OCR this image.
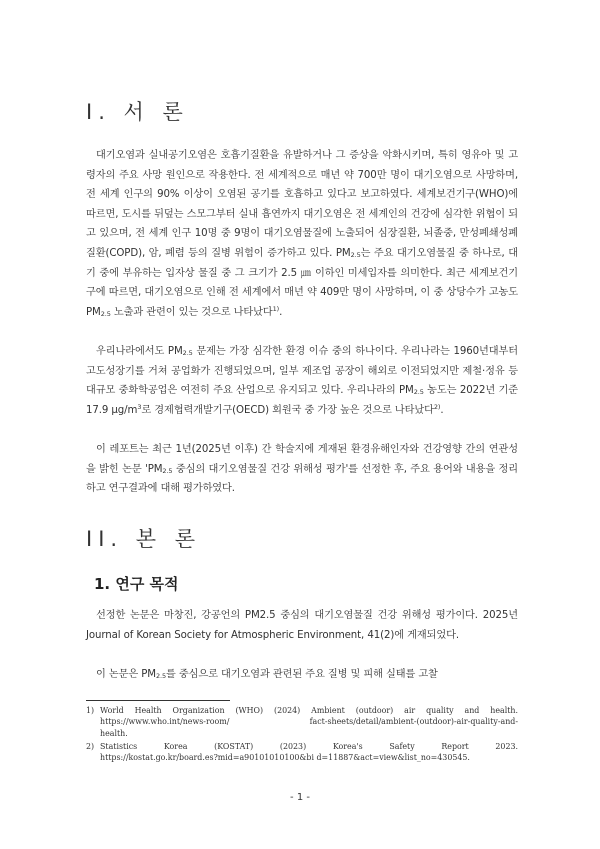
I. 서 론

대기오염과 실내공기오염은 호흡기질환을 유발하거나 그 증상을 악화시키며, 특히 영유아 및 고령자의 주요 사망 원인으로 작용한다. 전 세계적으로 매년 약 700만 명이 대기오염으로 사망하며, 전 세계 인구의 90% 이상이 오염된 공기를 호흡하고 있다고 보고하였다. 세계보건기구(WHO)에 따르면, 도시를 뒤덮는 스모그부터 실내 흡연까지 대기오염은 전 세계인의 건강에 심각한 위협이 되고 있으며, 전 세계 인구 10명 중 9명이 대기오염물질에 노출되어 심장질환, 뇌졸중, 만성폐쇄성폐질환(COPD), 암, 폐렴 등의 질병 위험이 증가하고 있다. $PM_{2.5}$는 주요 대기오염물질 중 하나로, 대기 중에 부유하는 입자상 물질 중 그 크기가 2.5 ㎛ 이하인 미세입자를 의미한다. 최근 세계보건기구에 따르면, 대기오염으로 인해 전 세계에서 매년 약 409만 명이 사망하며, 이 중 상당수가 고농도 $PM_{2.5}$ 노출과 관련이 있는 것으로 나타났다$^{1)}$.

우리나라에서도 $PM_{2.5}$ 문제는 가장 심각한 환경 이슈 중의 하나이다. 우리나라는 1960년대부터 고도성장기를 거쳐 공업화가 진행되었으며, 일부 제조업 공장이 해외로 이전되었지만 제철·정유 등 대규모 중화학공업은 여전히 주요 산업으로 유지되고 있다. 우리나라의 $PM_{2.5}$ 농도는 2022년 기준 17.9 $\mu g/m^3$로 경제협력개발기구(OECD) 회원국 중 가장 높은 것으로 나타났다$^{2)}$.

이 레포트는 최근 1년(2025년 이후) 간 학술지에 게재된 환경유해인자와 건강영향 간의 연관성을 밝힌 논문 '$PM_{2.5}$ 중심의 대기오염물질 건강 위해성 평가'를 선정한 후, 주요 용어와 내용을 정리하고 연구결과에 대해 평가하였다.

II. 본 론
1. 연구 목적

선정한 논문은 마창진, 강공언의 PM2.5 중심의 대기오염물질 건강 위해성 평가이다. 2025년 Journal of Korean Society for Atmospheric Environment, 41(2)에 게재되었다.

이 논문은 $PM_{2.5}$를 중심으로 대기오염과 관련된 주요 질병 및 피해 실태를 고찰

1) World Health Organization (WHO) (2024) Ambient (outdoor) air quality and health.
https://www.who.int/news-room/ fact-sheets/detail/ambient-(outdoor)-air-quality-and-
health.
2) Statistics Korea (KOSTAT) (2023) Korea's Safety Report 2023.
https://kostat.go.kr/board.es?mid=a90101010100&bi d=11887&act=view&list_no=430545.
- 1 -
